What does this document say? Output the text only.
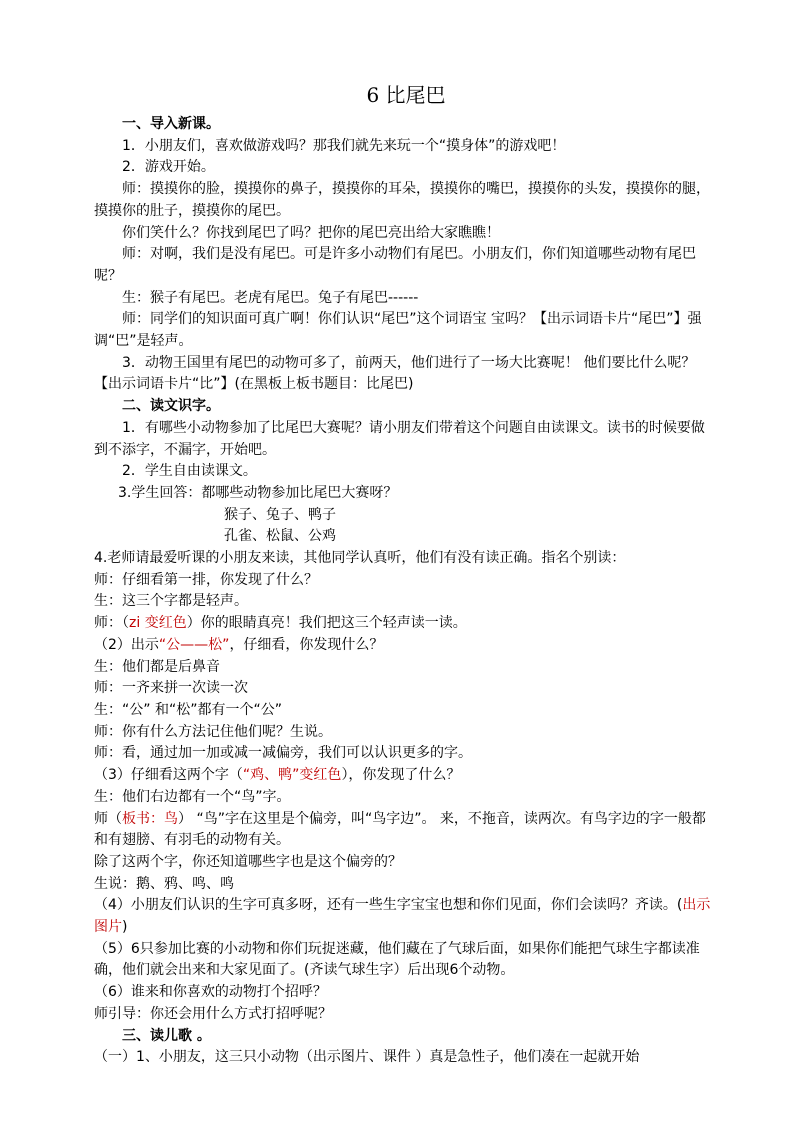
6 比尾巴

一、导入新课。

1．小朋友们，喜欢做游戏吗？那我们就先来玩一个“摸身体”的游戏吧！

2．游戏开始。

师：摸摸你的脸，摸摸你的鼻子，摸摸你的耳朵，摸摸你的嘴巴，摸摸你的头发，摸摸你的腿，摸摸你的肚子，摸摸你的尾巴。

你们笑什么？你找到尾巴了吗？把你的尾巴亮出给大家瞧瞧！

师：对啊，我们是没有尾巴。可是许多小动物们有尾巴。小朋友们，你们知道哪些动物有尾巴呢？

生：猴子有尾巴。老虎有尾巴。兔子有尾巴------

师：同学们的知识面可真广啊！你们认识“尾巴”这个词语宝 宝吗？【出示词语卡片“尾巴”】强调“巴”是轻声。

3．动物王国里有尾巴的动物可多了，前两天，他们进行了一场大比赛呢！ 他们要比什么呢？【出示词语卡片“比”】(在黑板上板书题目：比尾巴)

二、读文识字。

1．有哪些小动物参加了比尾巴大赛呢？请小朋友们带着这个问题自由读课文。读书的时候要做到不添字，不漏字，开始吧。

2．学生自由读课文。

3.学生回答：都哪些动物参加比尾巴大赛呀？

猴子、兔子、鸭子

孔雀、松鼠、公鸡

4.老师请最爱听课的小朋友来读，其他同学认真听，他们有没有读正确。指名个别读：

师：仔细看第一排，你发现了什么？

生：这三个字都是轻声。

师：（zi 变红色）你的眼睛真亮！我们把这三个轻声读一读。

（2）出示“公——松”，仔细看，你发现什么？

生：他们都是后鼻音

师：一齐来拼一次读一次

生：“公” 和“松”都有一个“公”

师：你有什么方法记住他们呢？生说。

师：看，通过加一加或减一减偏旁，我们可以认识更多的字。

（3）仔细看这两个字（“鸡、鸭”变红色），你发现了什么？

生：他们右边都有一个“鸟”字。

师（板书：鸟） “鸟”字在这里是个偏旁，叫“鸟字边”。 来，不拖音，读两次。有鸟字边的字一般都和有翅膀、有羽毛的动物有关。

除了这两个字，你还知道哪些字也是这个偏旁的？

生说：鹅、鸦、鸣、鸣

（4）小朋友们认识的生字可真多呀，还有一些生字宝宝也想和你们见面，你们会读吗？齐读。(出示图片)

（5）6只参加比赛的小动物和你们玩捉迷藏，他们藏在了气球后面，如果你们能把气球生字都读准确，他们就会出来和大家见面了。(齐读气球生字）后出现6个动物。

（6）谁来和你喜欢的动物打个招呼？

师引导：你还会用什么方式打招呼呢？

三、读儿歌 。

（一）1、小朋友，这三只小动物（出示图片、课件 ）真是急性子，他们凑在一起就开始
